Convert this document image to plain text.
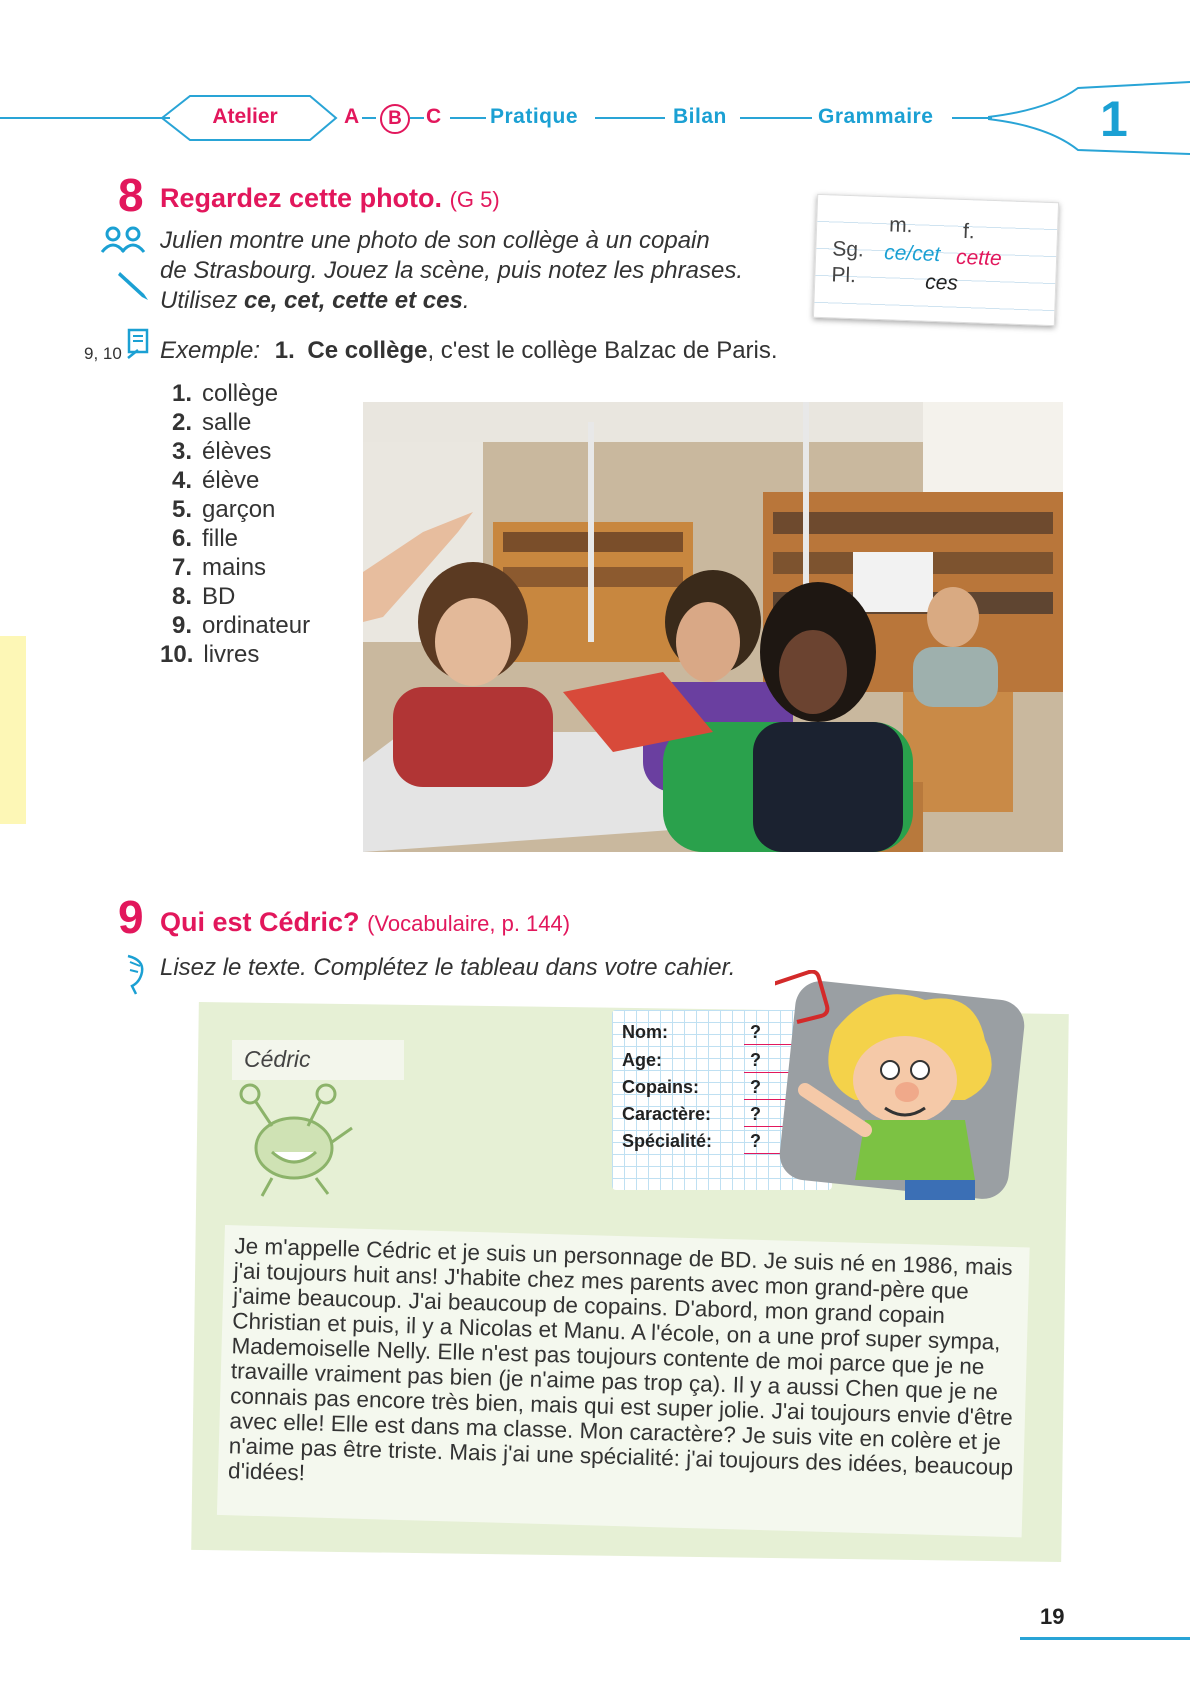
Atelier	A	B	C Pratique	Bilan	Grammaire	1
8 Regardez cette photo. (G 5)
Julien montre une photo de son collège à un copain
de Strasbourg. Jouez la scène, puis notez les phrases.
Utilisez ce, cet, cette et ces.
m. f.
Sg. ce/cet cette
Pl.	ces
9, 10 Exemple: 1. Ce collège, c'est le collège Balzac de Paris.
1. collège
2. salle
3. élèves
4. élève
5. garçon
6. fille
7. mains
8. BD
9. ordinateur
10. livres
9 Qui est Cédric? (Vocabulaire, p. 144)
Lisez le texte. Complétez le tableau dans votre cahier.
Cédric
Nom:	?
Age:	?
Copains:	?
Caractère: ?
Spécialité: ?

Je m'appelle Cédric et je suis un personnage de BD. Je suis né en 1986, mais j'ai toujours huit ans! J'habite chez mes parents avec mon grand-père que j'aime beaucoup. J'ai beaucoup de copains. D'abord, mon grand copain Christian et puis, il y a Nicolas et Manu. A l'école, on a une prof super sympa, Mademoiselle Nelly. Elle n'est pas toujours contente de moi parce que je ne travaille vraiment pas bien (je n'aime pas trop ça). Il y a aussi Chen que je ne connais pas encore très bien, mais qui est super jolie. J'ai toujours envie d'être avec elle! Elle est dans ma classe. Mon caractère? Je suis vite en colère et je n'aime pas être triste. Mais j'ai une spécialité: j'ai toujours des idées, beaucoup d'idées!

19
